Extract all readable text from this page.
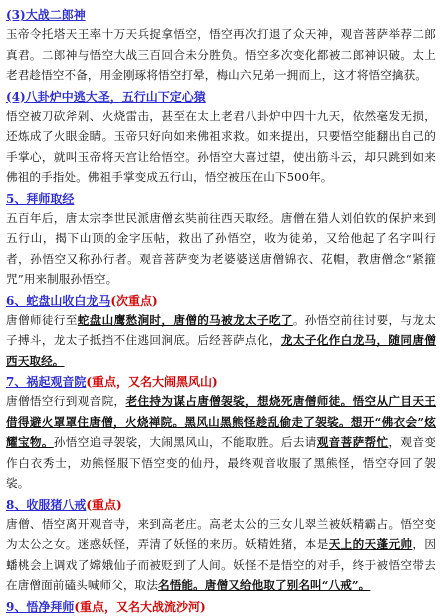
(3)大战二郎神

玉帝令托塔天王率十万天兵捉拿悟空，悟空再次打退了众天神，观音菩萨举荐二郎真君。二郎神与悟空大战三百回合未分胜负。悟空多次变化都被二郎神识破。太上老君趁悟空不备，用金刚琢将悟空打晕，梅山六兄弟一拥而上，这才将悟空擒获。

(4)八卦炉中逃大圣，五行山下定心猿

悟空被刀砍斧剁、火烧雷击，甚至在太上老君八卦炉中四十九天，依然毫发无损，还炼成了火眼金睛。玉帝只好向如来佛祖求救。如来提出，只要悟空能翻出自己的手掌心，就叫玉帝将天宫让给悟空。孙悟空大喜过望，使出筋斗云，却只跳到如来佛祖的手指处。佛祖手掌变成五行山，悟空被压在山下500年。

5、拜师取经

五百年后，唐太宗李世民派唐僧玄奘前往西天取经。唐僧在猎人刘伯钦的保护来到五行山，揭下山顶的金字压帖，救出了孙悟空，收为徒弟，又给他起了名字叫行者，孙悟空又称孙行者。观音菩萨变为老婆婆送唐僧锦衣、花帽，教唐僧念“紧箍咒”用来制服孙悟空。

6、蛇盘山收白龙马(次重点)

唐僧师徒行至蛇盘山鹰愁涧时，唐僧的马被龙太子吃了。孙悟空前往讨要，与龙太子搏斗，龙太子抵挡不住逃回涧底。后经菩萨点化，龙太子化作白龙马，随同唐僧西天取经。

7、祸起观音院(重点，又名大闹黑风山)

唐僧悟空行到观音院，老住持为谋占唐僧袈裟，想烧死唐僧师徒。悟空从广目天王借得避火罩罩住唐僧，火烧禅院。黑风山黑熊怪趁乱偷走了袈裟。想开“佛衣会”炫耀宝物。孙悟空追寻袈裟，大闹黑风山，不能取胜。后去请观音菩萨帮忙，观音变作白衣秀士，劝熊怪服下悟空变的仙丹，最终观音收服了黑熊怪，悟空夺回了袈裟。

8、收服猪八戒(重点)

唐僧、悟空离开观音寺，来到高老庄。高老太公的三女儿翠兰被妖精霸占。悟空变为太公之女。迷惑妖怪，弄清了妖怪的来历。妖精姓猪，本是天上的天蓬元帅，因蟠桃会上调戏了嫦娥仙子而被贬到了人间。妖怪不是悟空的对手，终于被悟空带去在唐僧面前磕头喊师父，取法名悟能。唐僧又给他取了别名叫“八戒”。

9、悟净拜师(重点，又名大战流沙河)
